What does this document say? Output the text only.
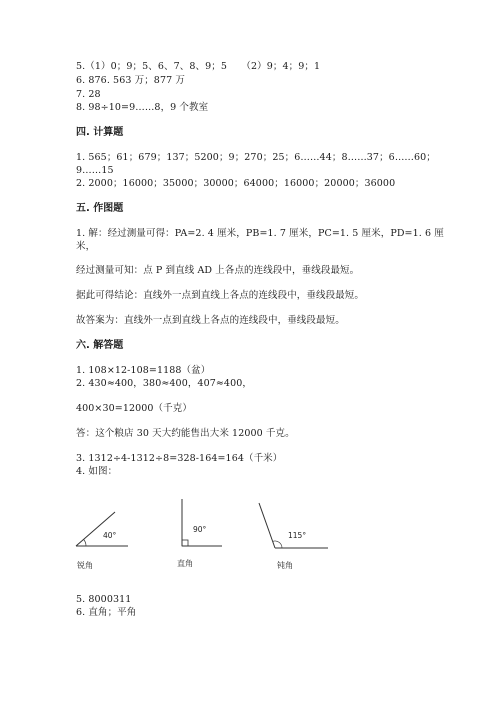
5.（1）0；9；5、6、7、8、9；5　　（2）9；4；9；1
6. 876. 563 万；877 万
7. 28
8. 98÷10=9……8，9 个教室
四. 计算题
1. 565；61；679；137；5200；9；270；25；6……44；8……37；6……60；
9……15
2. 2000；16000；35000；30000；64000；16000；20000；36000
五. 作图题
1. 解：经过测量可得：PA=2. 4 厘米，PB=1. 7 厘米，PC=1. 5 厘米，PD=1. 6 厘
米，
经过测量可知：点 P 到直线 AD 上各点的连线段中，垂线段最短。
据此可得结论：直线外一点到直线上各点的连线段中，垂线段最短。
故答案为：直线外一点到直线上各点的连线段中，垂线段最短。
六. 解答题
1. 108×12-108=1188（盆）
2. 430≈400，380≈400，407≈400，
400×30=12000（千克）
答：这个粮店 30 天大约能售出大米 12000 千克。
3. 1312÷4-1312÷8=328-164=164（千米）
4. 如图：
40°
90°
115°
锐角	直角	钝角
5. 8000311
6. 直角；平角
